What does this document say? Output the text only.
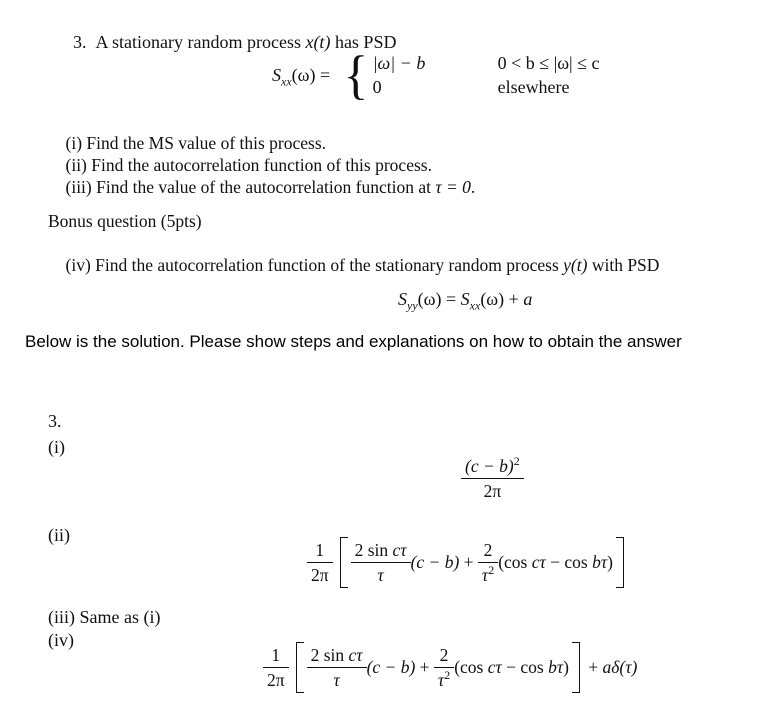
3. A stationary random process x(t) has PSD

$S_{xx}(\omega)$ = { |ω| − b
0
0 < b ≤ |ω| ≤ c
elsewhere

(i) Find the MS value of this process.

(ii) Find the autocorrelation function of this process.

(iii) Find the value of the autocorrelation function at τ = 0.

Bonus question (5pts)

(iv) Find the autocorrelation function of the stationary random process y(t) with PSD

$S_{yy}(\omega) = S_{xx}(\omega) + a$

Below is the solution. Please show steps and explanations on how to obtain the answer
3.
(i)
$\frac{(c - b)^2}{2\pi}$
(ii)
$\frac{1}{2\pi} \frac{\text{2 sin cτ}}{\tau} (c - b) + \frac{2}{\tau^2} (\cos$ cτ − cos bτ )
(iii) Same as (i)
(iv)
$\frac{1}{2\pi} \frac{\text{2 sin cτ}}{\tau} (c - b) + \frac{2}{\tau^2} (\cos$ cτ − cos bτ ) + aδ(τ)
